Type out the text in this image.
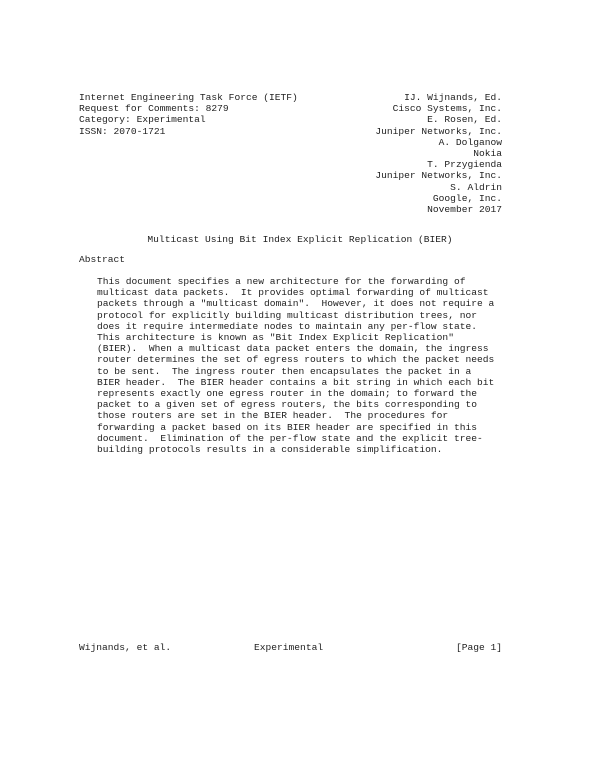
Internet Engineering Task Force (IETF)
Request for Comments: 8279
Category: Experimental
ISSN: 2070-1721
IJ. Wijnands, Ed.
Cisco Systems, Inc.
E. Rosen, Ed.
Juniper Networks, Inc.
A. Dolganow
Nokia
T. Przygienda
Juniper Networks, Inc.
S. Aldrin
Google, Inc.
November 2017
Multicast Using Bit Index Explicit Replication (BIER)
Abstract
This document specifies a new architecture for the forwarding of
multicast data packets.  It provides optimal forwarding of multicast
packets through a "multicast domain".  However, it does not require a
protocol for explicitly building multicast distribution trees, nor
does it require intermediate nodes to maintain any per-flow state.
This architecture is known as "Bit Index Explicit Replication"
(BIER).  When a multicast data packet enters the domain, the ingress
router determines the set of egress routers to which the packet needs
to be sent.  The ingress router then encapsulates the packet in a
BIER header.  The BIER header contains a bit string in which each bit
represents exactly one egress router in the domain; to forward the
packet to a given set of egress routers, the bits corresponding to
those routers are set in the BIER header.  The procedures for
forwarding a packet based on its BIER header are specified in this
document.  Elimination of the per-flow state and the explicit tree-
building protocols results in a considerable simplification.
Wijnands, et al.	Experimental	[Page 1]
